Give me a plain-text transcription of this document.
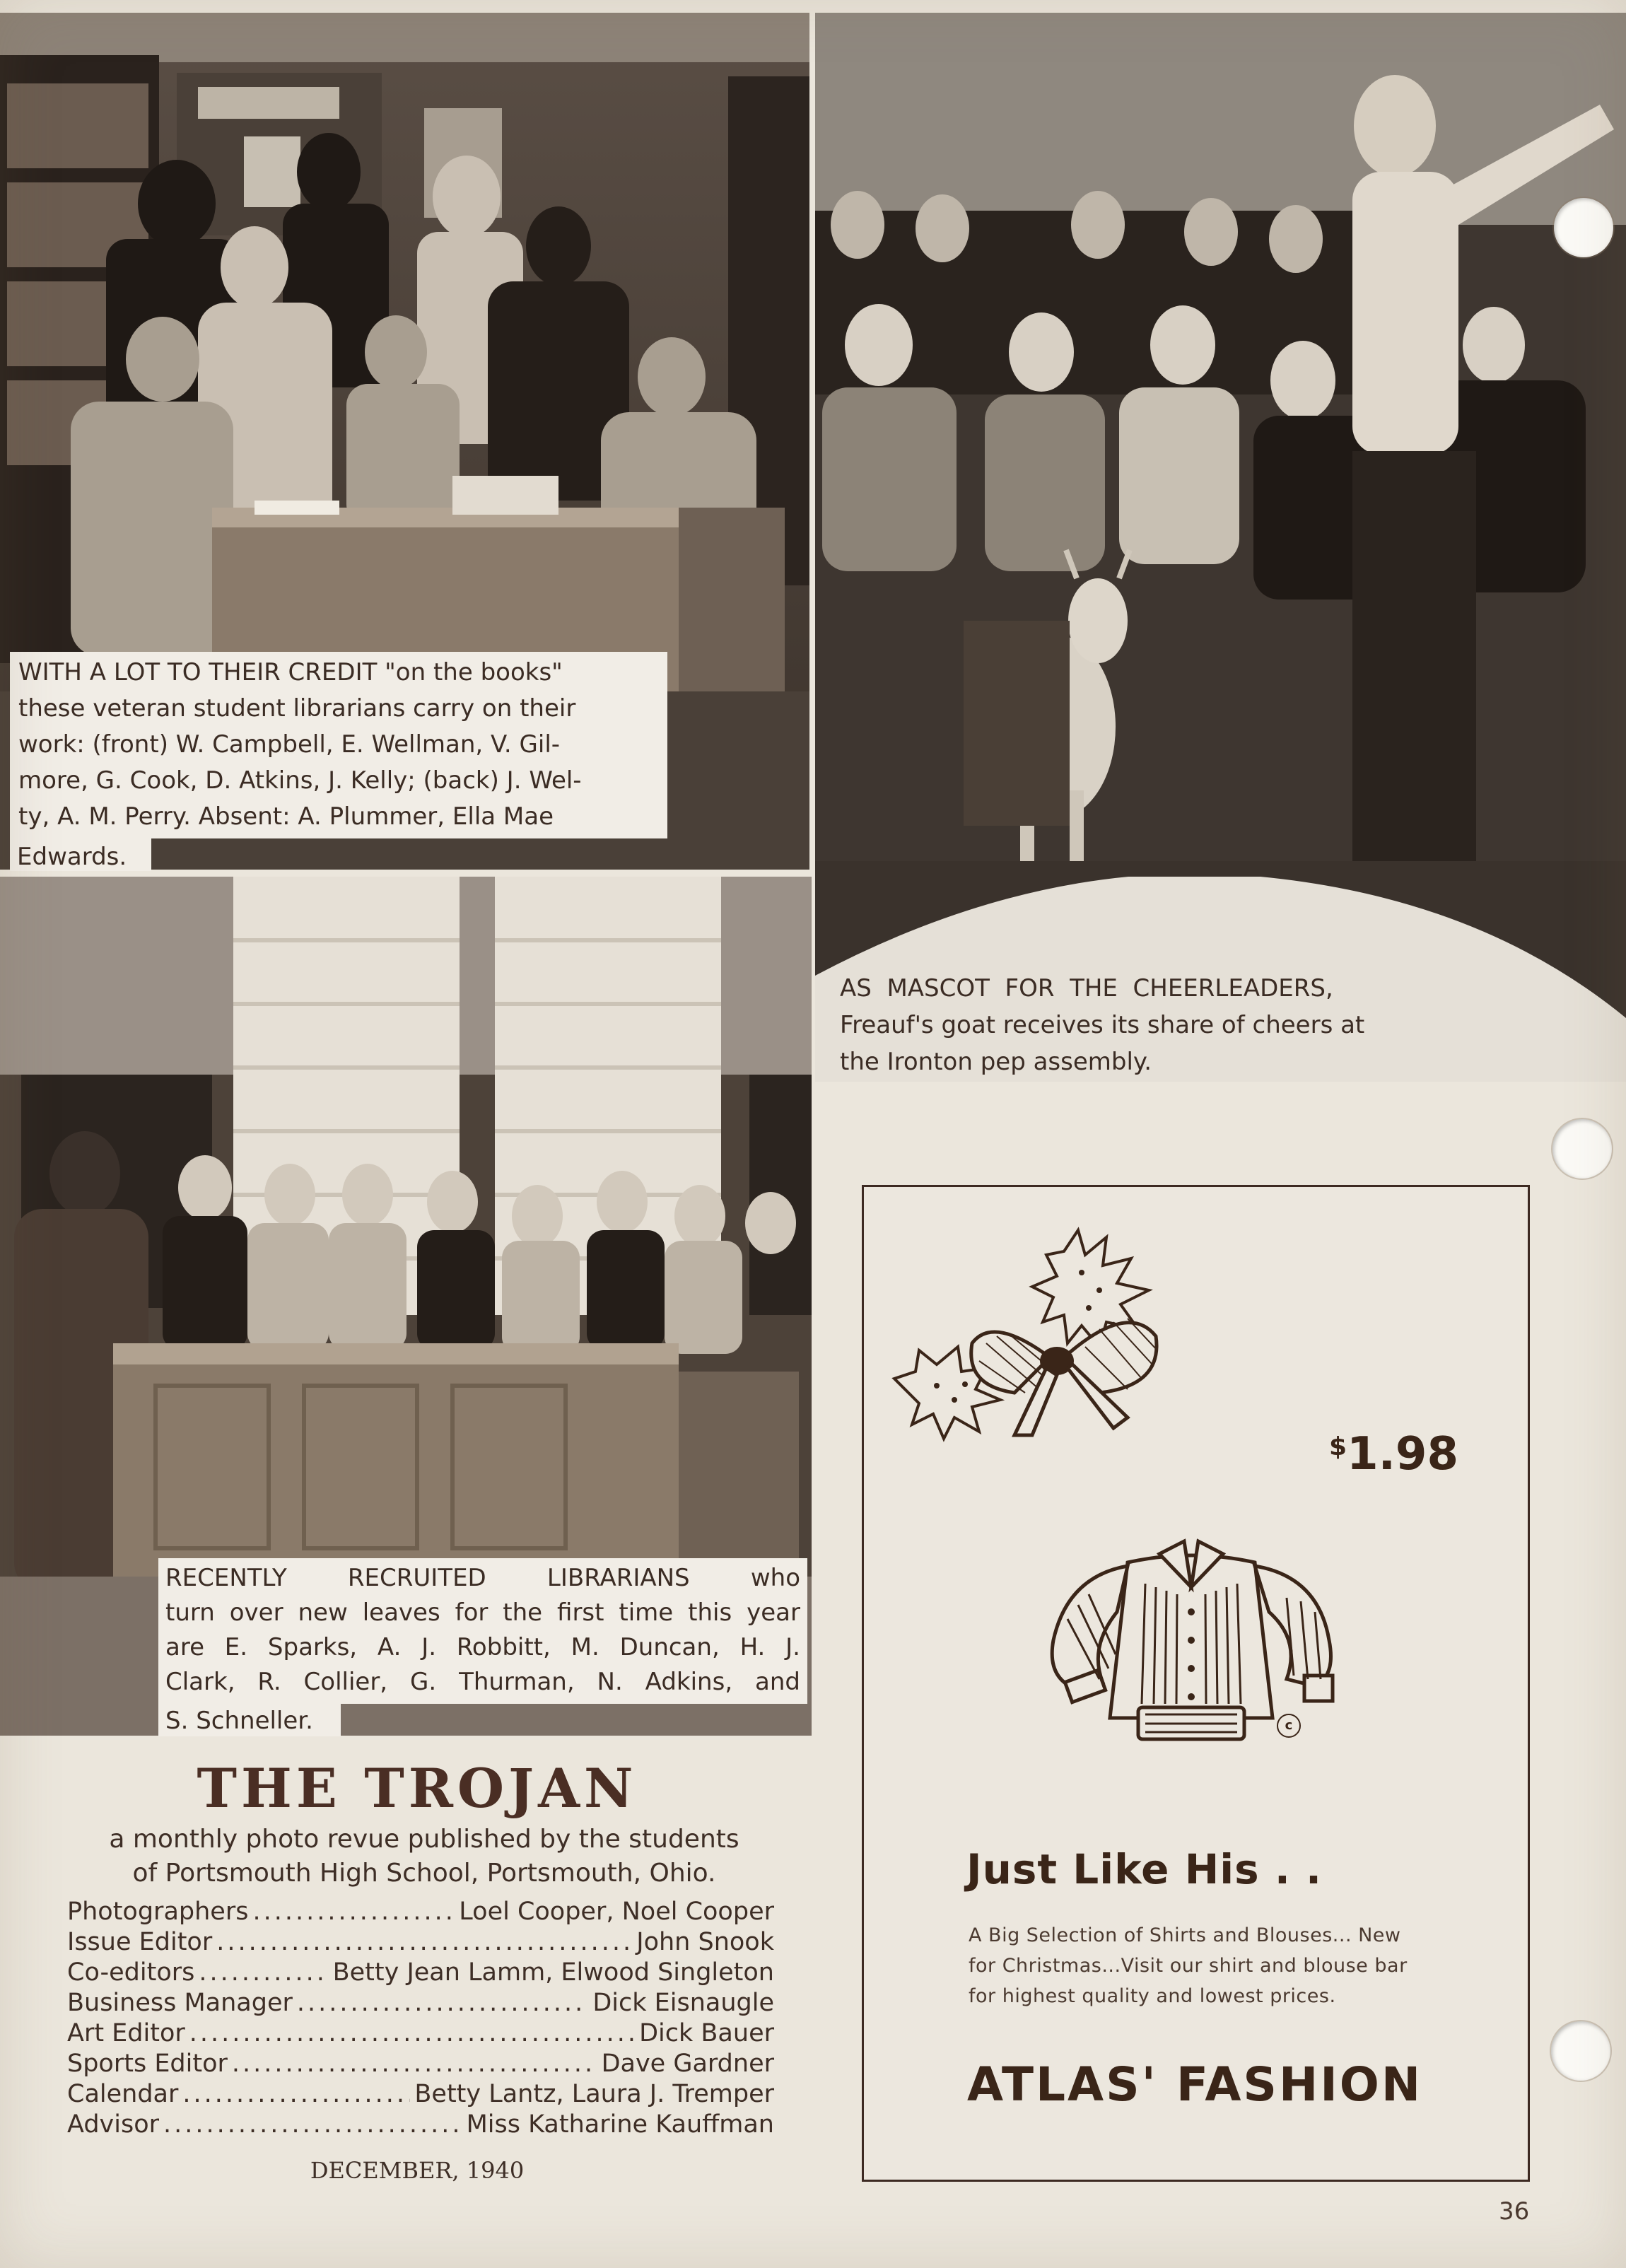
WITH A LOT TO THEIR CREDIT "on the books"
these veteran student librarians carry on their
work: (front) W. Campbell, E. Wellman, V. Gil-
more, G. Cook, D. Atkins, J. Kelly; (back) J. Wel-
ty, A. M. Perry. Absent: A. Plummer, Ella Mae
Edwards.
AS  MASCOT  FOR  THE  CHEERLEADERS,
Freauf's goat receives its share of cheers at
the Ironton pep assembly.
RECENTLY RECRUITED LIBRARIANS who
turn over new leaves for the first time this year
are E. Sparks, A. J. Robbitt, M. Duncan, H. J.
Clark, R. Collier, G. Thurman, N. Adkins, and
S. Schneller.
THE TROJAN
a monthly photo revue published by the students
of Portsmouth High School, Portsmouth, Ohio.
Photographers .....	Loel Cooper, Noel Cooper
Issue Editor .....	John Snook
Co-editors .....	Betty Jean Lamm, Elwood Singleton
Business Manager .....	Dick Eisnaugle
Art Editor .....	Dick Bauer
Sports Editor .....	Dave Gardner
Calendar .....	Betty Lantz, Laura J. Tremper
Advisor .....	Miss Katharine Kauffman
DECEMBER, 1940
$1.98
c
Just Like His . .
A Big Selection of Shirts and Blouses... New for Christmas...Visit our shirt and blouse bar for highest quality and lowest prices.
ATLAS' FASHION
36
